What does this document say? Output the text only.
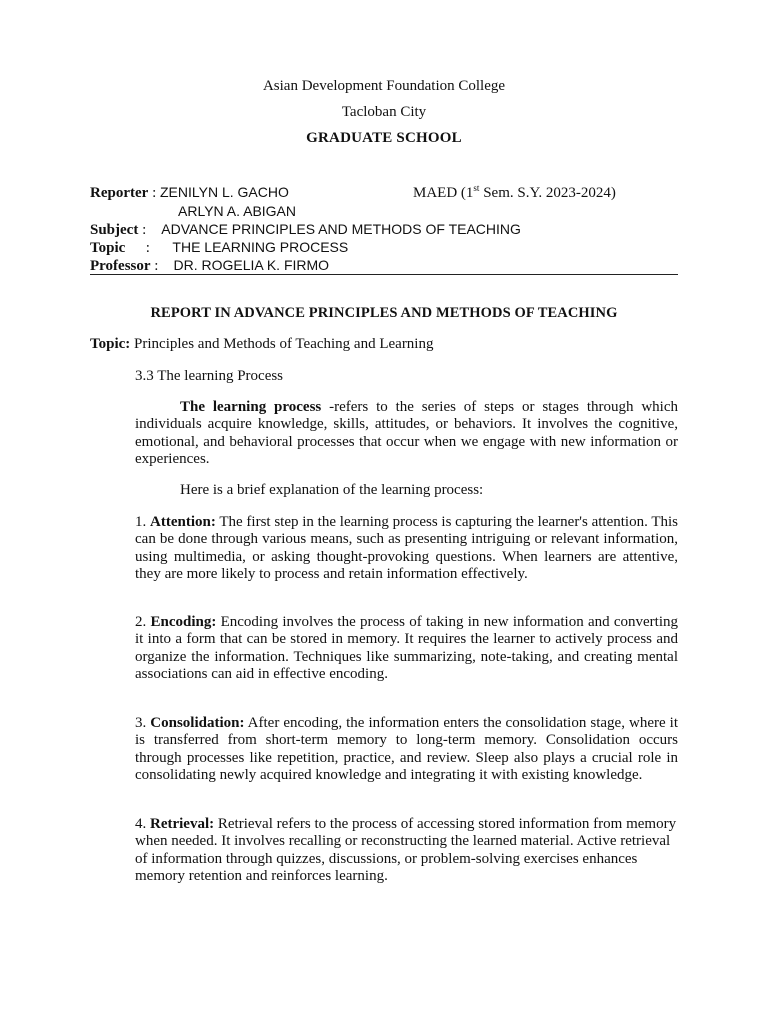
Asian Development Foundation College
Tacloban City
GRADUATE SCHOOL
Reporter : ZENILYN L. GACHO	MAED (1st Sem. S.Y. 2023-2024)
ARLYN A. ABIGAN
Subject :    ADVANCE PRINCIPLES AND METHODS OF TEACHING
Topic : THE LEARNING PROCESS
Professor :    DR. ROGELIA K. FIRMO
REPORT IN ADVANCE PRINCIPLES AND METHODS OF TEACHING
Topic: Principles and Methods of Teaching and Learning
3.3 The learning Process
The learning process -refers to the series of steps or stages through which individuals acquire knowledge, skills, attitudes, or behaviors. It involves the cognitive, emotional, and behavioral processes that occur when we engage with new information or experiences.
Here is a brief explanation of the learning process:
1. Attention: The first step in the learning process is capturing the learner's attention. This can be done through various means, such as presenting intriguing or relevant information, using multimedia, or asking thought-provoking questions. When learners are attentive, they are more likely to process and retain information effectively.
2. Encoding: Encoding involves the process of taking in new information and converting it into a form that can be stored in memory. It requires the learner to actively process and organize the information. Techniques like summarizing, note-taking, and creating mental associations can aid in effective encoding.
3. Consolidation: After encoding, the information enters the consolidation stage, where it is transferred from short-term memory to long-term memory. Consolidation occurs through processes like repetition, practice, and review. Sleep also plays a crucial role in consolidating newly acquired knowledge and integrating it with existing knowledge.
4. Retrieval: Retrieval refers to the process of accessing stored information from memory when needed. It involves recalling or reconstructing the learned material. Active retrieval of information through quizzes, discussions, or problem-solving exercises enhances memory retention and reinforces learning.
